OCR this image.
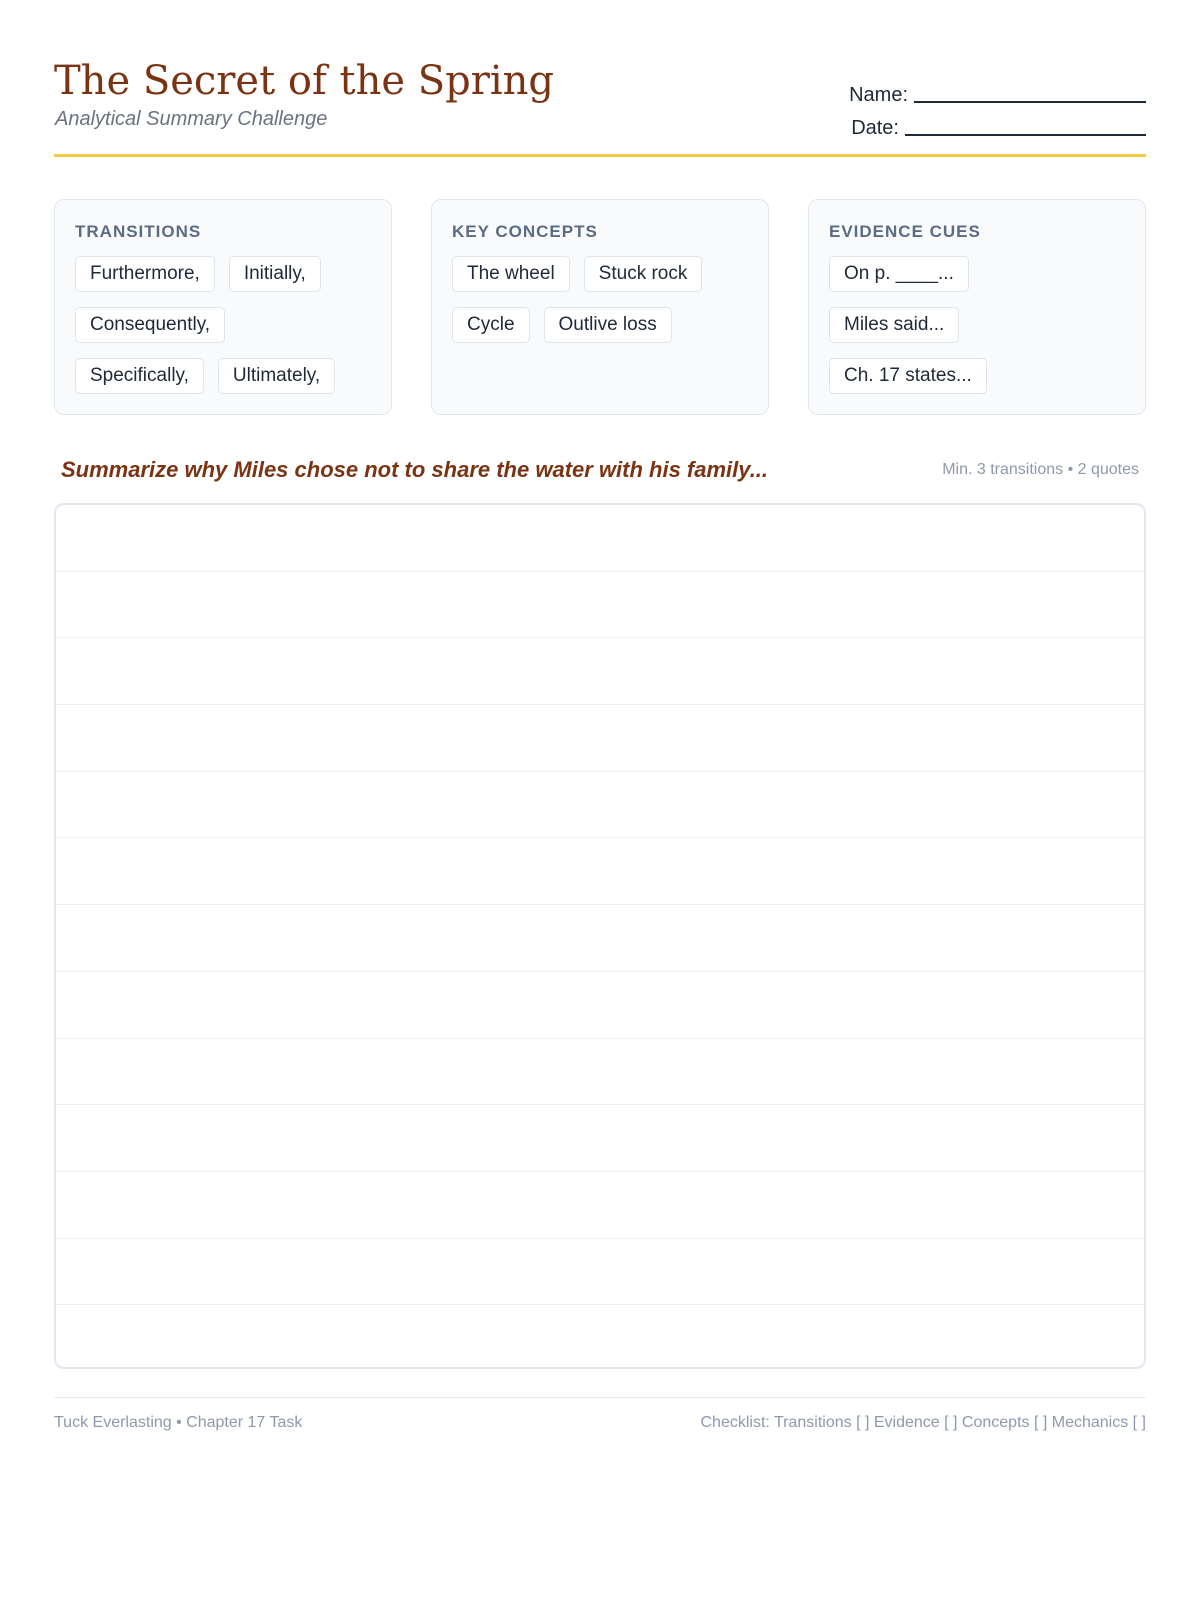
The Secret of the Spring
Analytical Summary Challenge
Name:
Date:
TRANSITIONS
Furthermore,	Initially,
Consequently,
Specifically,	Ultimately,
KEY CONCEPTS
The wheel	Stuck rock
Cycle	Outlive loss
EVIDENCE CUES
On p. ____...
Miles said...
Ch. 17 states...
Summarize why Miles chose not to share the water with his family...	Min. 3 transitions • 2 quotes
Tuck Everlasting • Chapter 17 Task	Checklist: Transitions [ ] Evidence [ ] Concepts [ ] Mechanics [ ]
